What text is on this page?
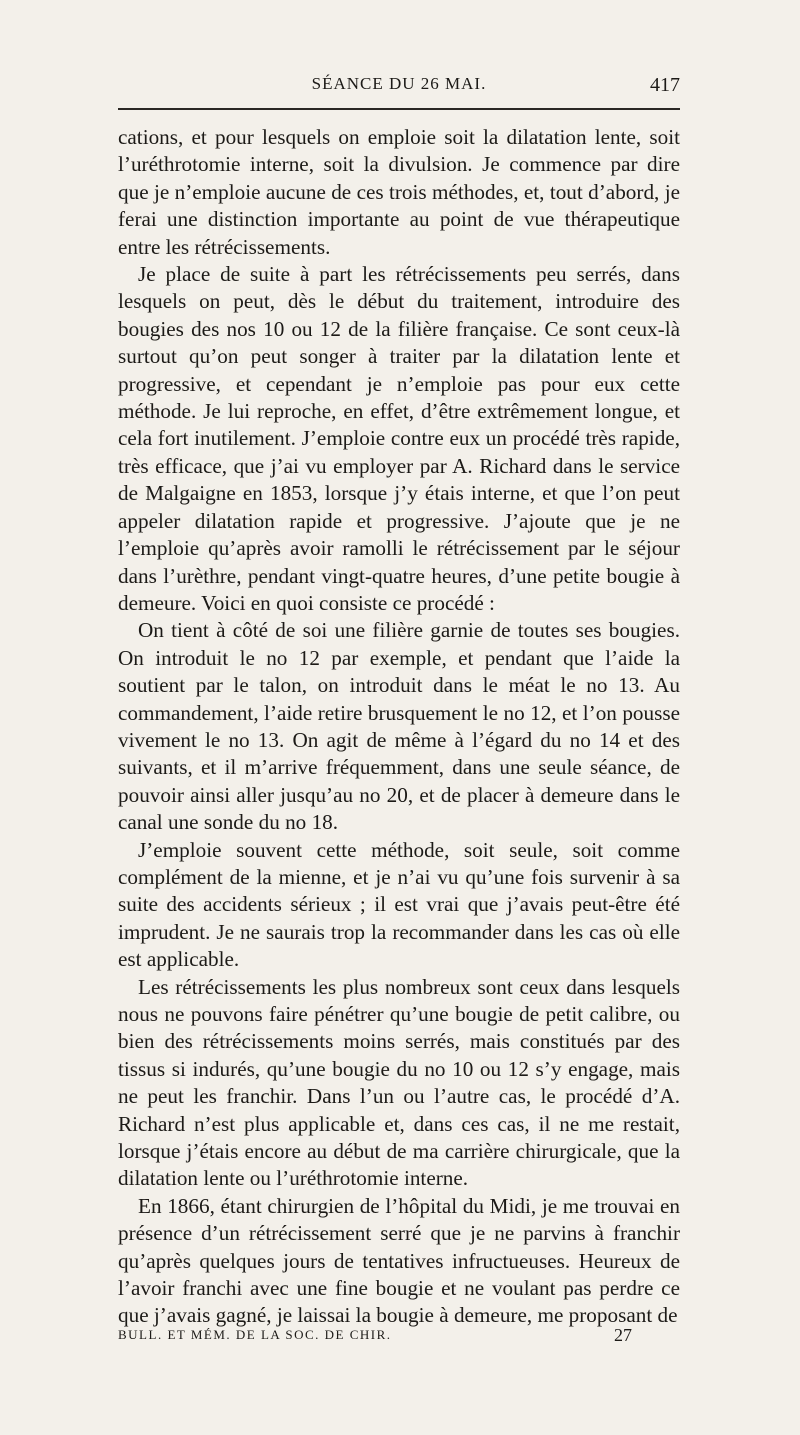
SÉANCE DU 26 MAI.	417

cations, et pour lesquels on emploie soit la dilatation lente, soit l’uréthrotomie interne, soit la divulsion. Je commence par dire que je n’emploie aucune de ces trois méthodes, et, tout d’abord, je ferai une distinction importante au point de vue thérapeutique entre les rétrécissements.

Je place de suite à part les rétrécissements peu serrés, dans lesquels on peut, dès le début du traitement, introduire des bougies des nos 10 ou 12 de la filière française. Ce sont ceux-là surtout qu’on peut songer à traiter par la dilatation lente et progressive, et cependant je n’emploie pas pour eux cette méthode. Je lui reproche, en effet, d’être extrêmement longue, et cela fort inutilement. J’emploie contre eux un procédé très rapide, très efficace, que j’ai vu employer par A. Richard dans le service de Malgaigne en 1853, lorsque j’y étais interne, et que l’on peut appeler dilatation rapide et progressive. J’ajoute que je ne l’emploie qu’après avoir ramolli le rétrécissement par le séjour dans l’urèthre, pendant vingt-quatre heures, d’une petite bougie à demeure. Voici en quoi consiste ce procédé :

On tient à côté de soi une filière garnie de toutes ses bougies. On introduit le no 12 par exemple, et pendant que l’aide la soutient par le talon, on introduit dans le méat le no 13. Au commandement, l’aide retire brusquement le no 12, et l’on pousse vivement le no 13. On agit de même à l’égard du no 14 et des suivants, et il m’arrive fréquemment, dans une seule séance, de pouvoir ainsi aller jusqu’au no 20, et de placer à demeure dans le canal une sonde du no 18.

J’emploie souvent cette méthode, soit seule, soit comme complément de la mienne, et je n’ai vu qu’une fois survenir à sa suite des accidents sérieux ; il est vrai que j’avais peut-être été imprudent. Je ne saurais trop la recommander dans les cas où elle est applicable.

Les rétrécissements les plus nombreux sont ceux dans lesquels nous ne pouvons faire pénétrer qu’une bougie de petit calibre, ou bien des rétrécissements moins serrés, mais constitués par des tissus si indurés, qu’une bougie du no 10 ou 12 s’y engage, mais ne peut les franchir. Dans l’un ou l’autre cas, le procédé d’A. Richard n’est plus applicable et, dans ces cas, il ne me restait, lorsque j’étais encore au début de ma carrière chirurgicale, que la dilatation lente ou l’uréthrotomie interne.

En 1866, étant chirurgien de l’hôpital du Midi, je me trouvai en présence d’un rétrécissement serré que je ne parvins à franchir qu’après quelques jours de tentatives infructueuses. Heureux de l’avoir franchi avec une fine bougie et ne voulant pas perdre ce que j’avais gagné, je laissai la bougie à demeure, me proposant de

BULL. ET MÉM. DE LA SOC. DE CHIR.	27
